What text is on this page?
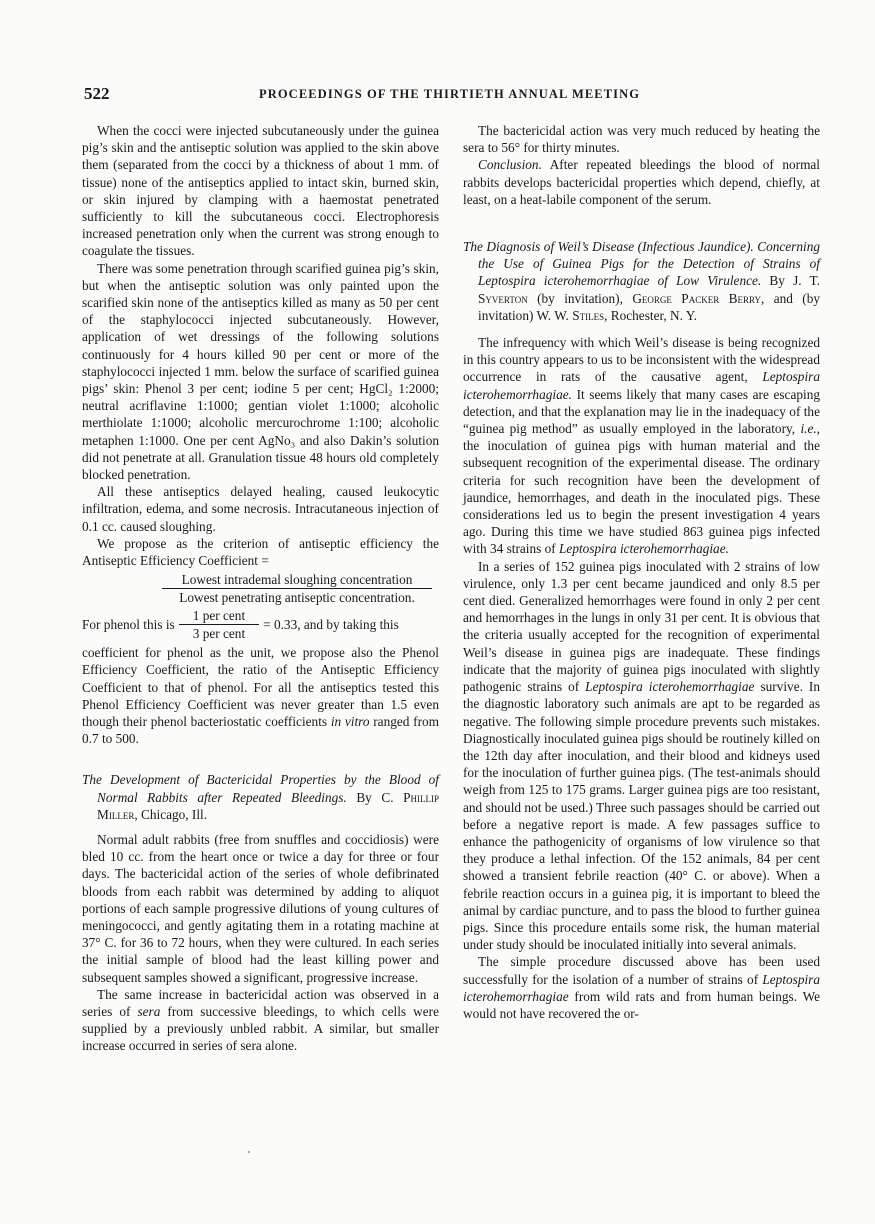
522	PROCEEDINGS OF THE THIRTIETH ANNUAL MEETING

When the cocci were injected subcutaneously under the guinea pig’s skin and the antiseptic solution was applied to the skin above them (separated from the cocci by a thickness of about 1 mm. of tissue) none of the antiseptics applied to intact skin, burned skin, or skin injured by clamping with a haemostat penetrated sufficiently to kill the subcutaneous cocci. Electrophoresis increased penetration only when the current was strong enough to coagulate the tissues.

There was some penetration through scarified guinea pig’s skin, but when the antiseptic solution was only painted upon the scarified skin none of the antiseptics killed as many as 50 per cent of the staphylococci injected subcutaneously. However, application of wet dressings of the following solutions continuously for 4 hours killed 90 per cent or more of the staphylococci injected 1 mm. below the surface of scarified guinea pigs’ skin: Phenol 3 per cent; iodine 5 per cent; HgCl₂ 1:2000; neutral acriflavine 1:1000; gentian violet 1:1000; alcoholic merthiolate 1:1000; alcoholic mercurochrome 1:100; alcoholic metaphen 1:1000. One per cent AgNo₃ and also Dakin’s solution did not penetrate at all. Granulation tissue 48 hours old completely blocked penetration.

All these antiseptics delayed healing, caused leukocytic infiltration, edema, and some necrosis. Intracutaneous injection of 0.1 cc. caused sloughing.

We propose as the criterion of antiseptic efficiency the Antiseptic Efficiency Coefficient =

Lowest intrademal sloughing concentration
Lowest penetrating antiseptic concentration.
For phenol this is $\frac{\text{1 per cent}}{\text{3 per cent}} = 0.33$, and by taking this

coefficient for phenol as the unit, we propose also the Phenol Efficiency Coefficient, the ratio of the Antiseptic Efficiency Coefficient to that of phenol. For all the antiseptics tested this Phenol Efficiency Coefficient was never greater than 1.5 even though their phenol bacteriostatic coefficients in vitro ranged from 0.7 to 500.

The Development of Bactericidal Properties by the Blood of Normal Rabbits after Repeated Bleedings. By C. Phillip Miller, Chicago, Ill.

Normal adult rabbits (free from snuffles and coccidiosis) were bled 10 cc. from the heart once or twice a day for three or four days. The bactericidal action of the series of whole defibrinated bloods from each rabbit was determined by adding to aliquot portions of each sample progressive dilutions of young cultures of meningococci, and gently agitating them in a rotating machine at 37° C. for 36 to 72 hours, when they were cultured. In each series the initial sample of blood had the least killing power and subsequent samples showed a significant, progressive increase.

The same increase in bactericidal action was observed in a series of sera from successive bleedings, to which cells were supplied by a previously unbled rabbit. A similar, but smaller increase occurred in series of sera alone.

The bactericidal action was very much reduced by heating the sera to 56° for thirty minutes.

Conclusion. After repeated bleedings the blood of normal rabbits develops bactericidal properties which depend, chiefly, at least, on a heat-labile component of the serum.

The Diagnosis of Weil’s Disease (Infectious Jaundice). Concerning the Use of Guinea Pigs for the Detection of Strains of Leptospira icterohemorrhagiae of Low Virulence. By J. T. Syverton (by invitation), George Packer Berry, and (by invitation) W. W. Stiles, Rochester, N. Y.

The infrequency with which Weil’s disease is being recognized in this country appears to us to be inconsistent with the widespread occurrence in rats of the causative agent, Leptospira icterohemorrhagiae. It seems likely that many cases are escaping detection, and that the explanation may lie in the inadequacy of the “guinea pig method” as usually employed in the laboratory, i.e., the inoculation of guinea pigs with human material and the subsequent recognition of the experimental disease. The ordinary criteria for such recognition have been the development of jaundice, hemorrhages, and death in the inoculated pigs. These considerations led us to begin the present investigation 4 years ago. During this time we have studied 863 guinea pigs infected with 34 strains of Leptospira icterohemorrhagiae.

In a series of 152 guinea pigs inoculated with 2 strains of low virulence, only 1.3 per cent became jaundiced and only 8.5 per cent died. Generalized hemorrhages were found in only 2 per cent and hemorrhages in the lungs in only 31 per cent. It is obvious that the criteria usually accepted for the recognition of experimental Weil’s disease in guinea pigs are inadequate. These findings indicate that the majority of guinea pigs inoculated with slightly pathogenic strains of Leptospira icterohemorrhagiae survive. In the diagnostic laboratory such animals are apt to be regarded as negative. The following simple procedure prevents such mistakes. Diagnostically inoculated guinea pigs should be routinely killed on the 12th day after inoculation, and their blood and kidneys used for the inoculation of further guinea pigs. (The test-animals should weigh from 125 to 175 grams. Larger guinea pigs are too resistant, and should not be used.) Three such passages should be carried out before a negative report is made. A few passages suffice to enhance the pathogenicity of organisms of low virulence so that they produce a lethal infection. Of the 152 animals, 84 per cent showed a transient febrile reaction (40° C. or above). When a febrile reaction occurs in a guinea pig, it is important to bleed the animal by cardiac puncture, and to pass the blood to further guinea pigs. Since this procedure entails some risk, the human material under study should be inoculated initially into several animals.

The simple procedure discussed above has been used successfully for the isolation of a number of strains of Leptospira icterohemorrhagiae from wild rats and from human beings. We would not have recovered the or-
